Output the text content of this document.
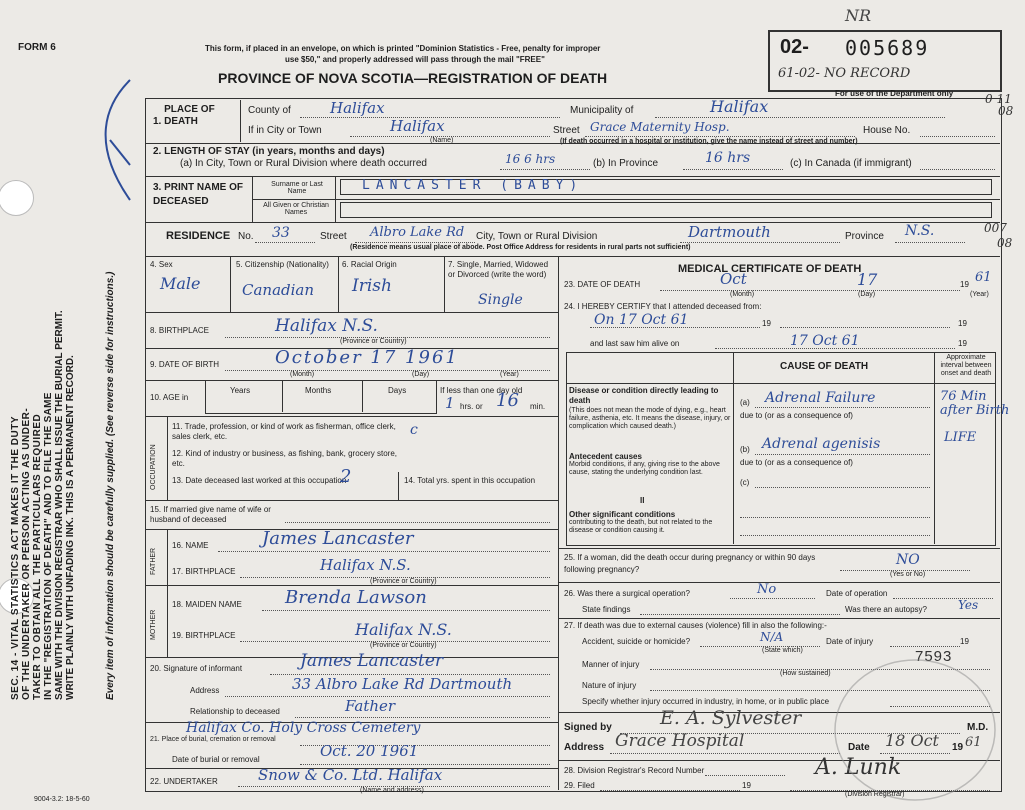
SEC. 14 - VITAL STATISTICS ACT MAKES IT THE DUTY OF THE UNDERTAKER OR PERSON ACTING AS UNDER- TAKER TO OBTAIN ALL THE PARTICULARS REQUIRED IN THE "REGISTRATION OF DEATH" AND TO FILE THE SAME SAME WITH THE DIVISION REGISTRAR WHO SHALL ISSUE THE BURIAL PERMIT. WRITE PLAINLY WITH UNFADING INK. THIS IS A PERMANENT RECORD.	Every item of information should be carefully supplied. (See reverse side for instructions.)
FORM 6	This form, if placed in an envelope, on which is printed "Dominion Statistics - Free, penalty for improper
use $50," and properly addressed will pass through the mail "FREE"
PROVINCE OF NOVA SCOTIA—REGISTRATION OF DEATH
02- 005689
61-02- NO RECORD
NR
For use of the Department only	0 11
08
1. PLACE OF DEATH
County of	Halifax	Municipality of	Halifax
If in City or Town	Halifax
(Name)
Street Grace Maternity Hosp.	House No.
(If death occurred in a hospital or institution, give the name instead of street and number)
2. LENGTH OF STAY (in years, months and days)
(a) In City, Town or Rural Division where death occurred	16 6 hrs	(b) In Province	16 hrs	(c) In Canada (if immigrant)
3. PRINT NAME OF DECEASED
Surname or Last Name	LANCASTER (BABY)
All Given or Christian Names
RESIDENCE No. 33	Street Albro Lake Rd City, Town or Rural Division	Dartmouth	Province N.S.	007
08
(Residence means usual place of abode. Post Office Address for residents in rural parts not sufficient)
4. Sex
Male
5. Citizenship (Nationality)
Canadian
6. Racial Origin
Irish
7. Single, Married, Widowed or Divorced (write the word)
Single
8. BIRTHPLACE	Halifax N.S.
(Province or Country)
9. DATE OF BIRTH	October 17 1961
(Month)	(Day)	(Year)
10. AGE in
Years	Months	Days	If less than one day old
1 hrs. or 16 min.
OCCUPATION
11. Trade, profession, or kind of work as fisherman, office clerk, sales clerk, etc.	c
12. Kind of industry or business, as fishing, bank, grocery store, etc.
13. Date deceased last worked at this occupation
2	14. Total yrs. spent in this occupation
15. If married give name of wife or husband of deceased
FATHER
16. NAME	James Lancaster
17. BIRTHPLACE	Halifax N.S.
(Province or Country)
MOTHER
18. MAIDEN NAME Brenda Lawson
19. BIRTHPLACE	Halifax N.S.
(Province or Country)
20. Signature of informant	James Lancaster
Address	33 Albro Lake Rd Dartmouth
Relationship to deceased	Father
21. Place of burial, cremation or removal
Halifax Co. Holy Cross Cemetery
Date of burial or removal	Oct. 20 1961
22. UNDERTAKER	Snow & Co. Ltd. Halifax
(Name and address)
9004-3.2: 18-5-60
MEDICAL CERTIFICATE OF DEATH
23. DATE OF DEATH	Oct	17	19 61
(Month)	(Day)	(Year)
24. I HEREBY CERTIFY that I attended deceased from:
On 17 Oct 61	19	19
and last saw him alive on	17 Oct 61	19
CAUSE OF DEATH
Approximate interval between onset and death
Disease or condition directly leading to death
(This does not mean the mode of dying, e.g., heart failure, asthenia, etc. It means the disease, injury, or complication which caused death.)
(a) Adrenal Failure	76 Min after Birth
due to (or as a consequence of)
Antecedent causes
Morbid conditions, if any, giving rise to the above cause, stating the underlying condition last.
(b) Adrenal agenisis	LIFE
due to (or as a consequence of)
(c)
II
Other significant conditions
contributing to the death, but not related to the disease or condition causing it.
25. If a woman, did the death occur during pregnancy or within 90 days following pregnancy?
NO
(Yes or No)
26. Was there a surgical operation?	No	Date of operation
State findings	Was there an autopsy?	Yes
27. If death was due to external causes (violence) fill in also the following:-
Accident, suicide or homicide?	N/A
(State which)
Date of injury	19
Manner of injury	7593
(How sustained)
Nature of injury
Specify whether injury occurred in industry, in home, or in public place
Signed by	E. A. Sylvester	M.D.
Address Grace Hospital	Date 18 Oct 19 61
28. Division Registrar's Record Number
29. Filed	19
A. Lunk
(Division Registrar)
